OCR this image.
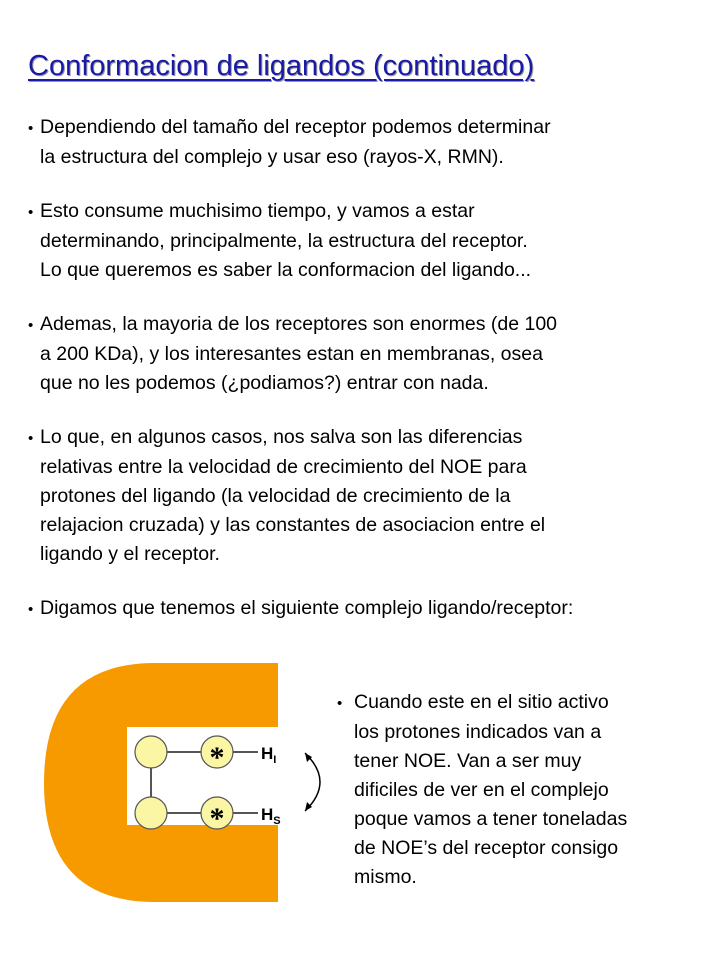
Conformacion de ligandos (continuado)
• Dependiendo del tamaño del receptor podemos determinar
la estructura del complejo y usar eso (rayos-X, RMN).
• Esto consume muchisimo tiempo, y vamos a estar
determinando, principalmente, la estructura del receptor.
Lo que queremos es saber la conformacion del ligando...
• Ademas, la mayoria de los receptores son enormes (de 100
a 200 KDa), y los interesantes estan en membranas, osea
que no les podemos (¿podiamos?) entrar con nada.
• Lo que, en algunos casos, nos salva son las diferencias
relativas entre la velocidad de crecimiento del NOE para
protones del ligando (la velocidad de crecimiento de la
relajacion cruzada) y las constantes de asociacion entre el
ligando y el receptor.
• Digamos que tenemos el siguiente complejo ligando/receptor:
*
*
$H_I$
$H_S$
• Cuando este en el sitio activo
los protones indicados van a
tener NOE. Van a ser muy
dificiles de ver en el complejo
poque vamos a tener toneladas
de NOE’s del receptor consigo
mismo.
